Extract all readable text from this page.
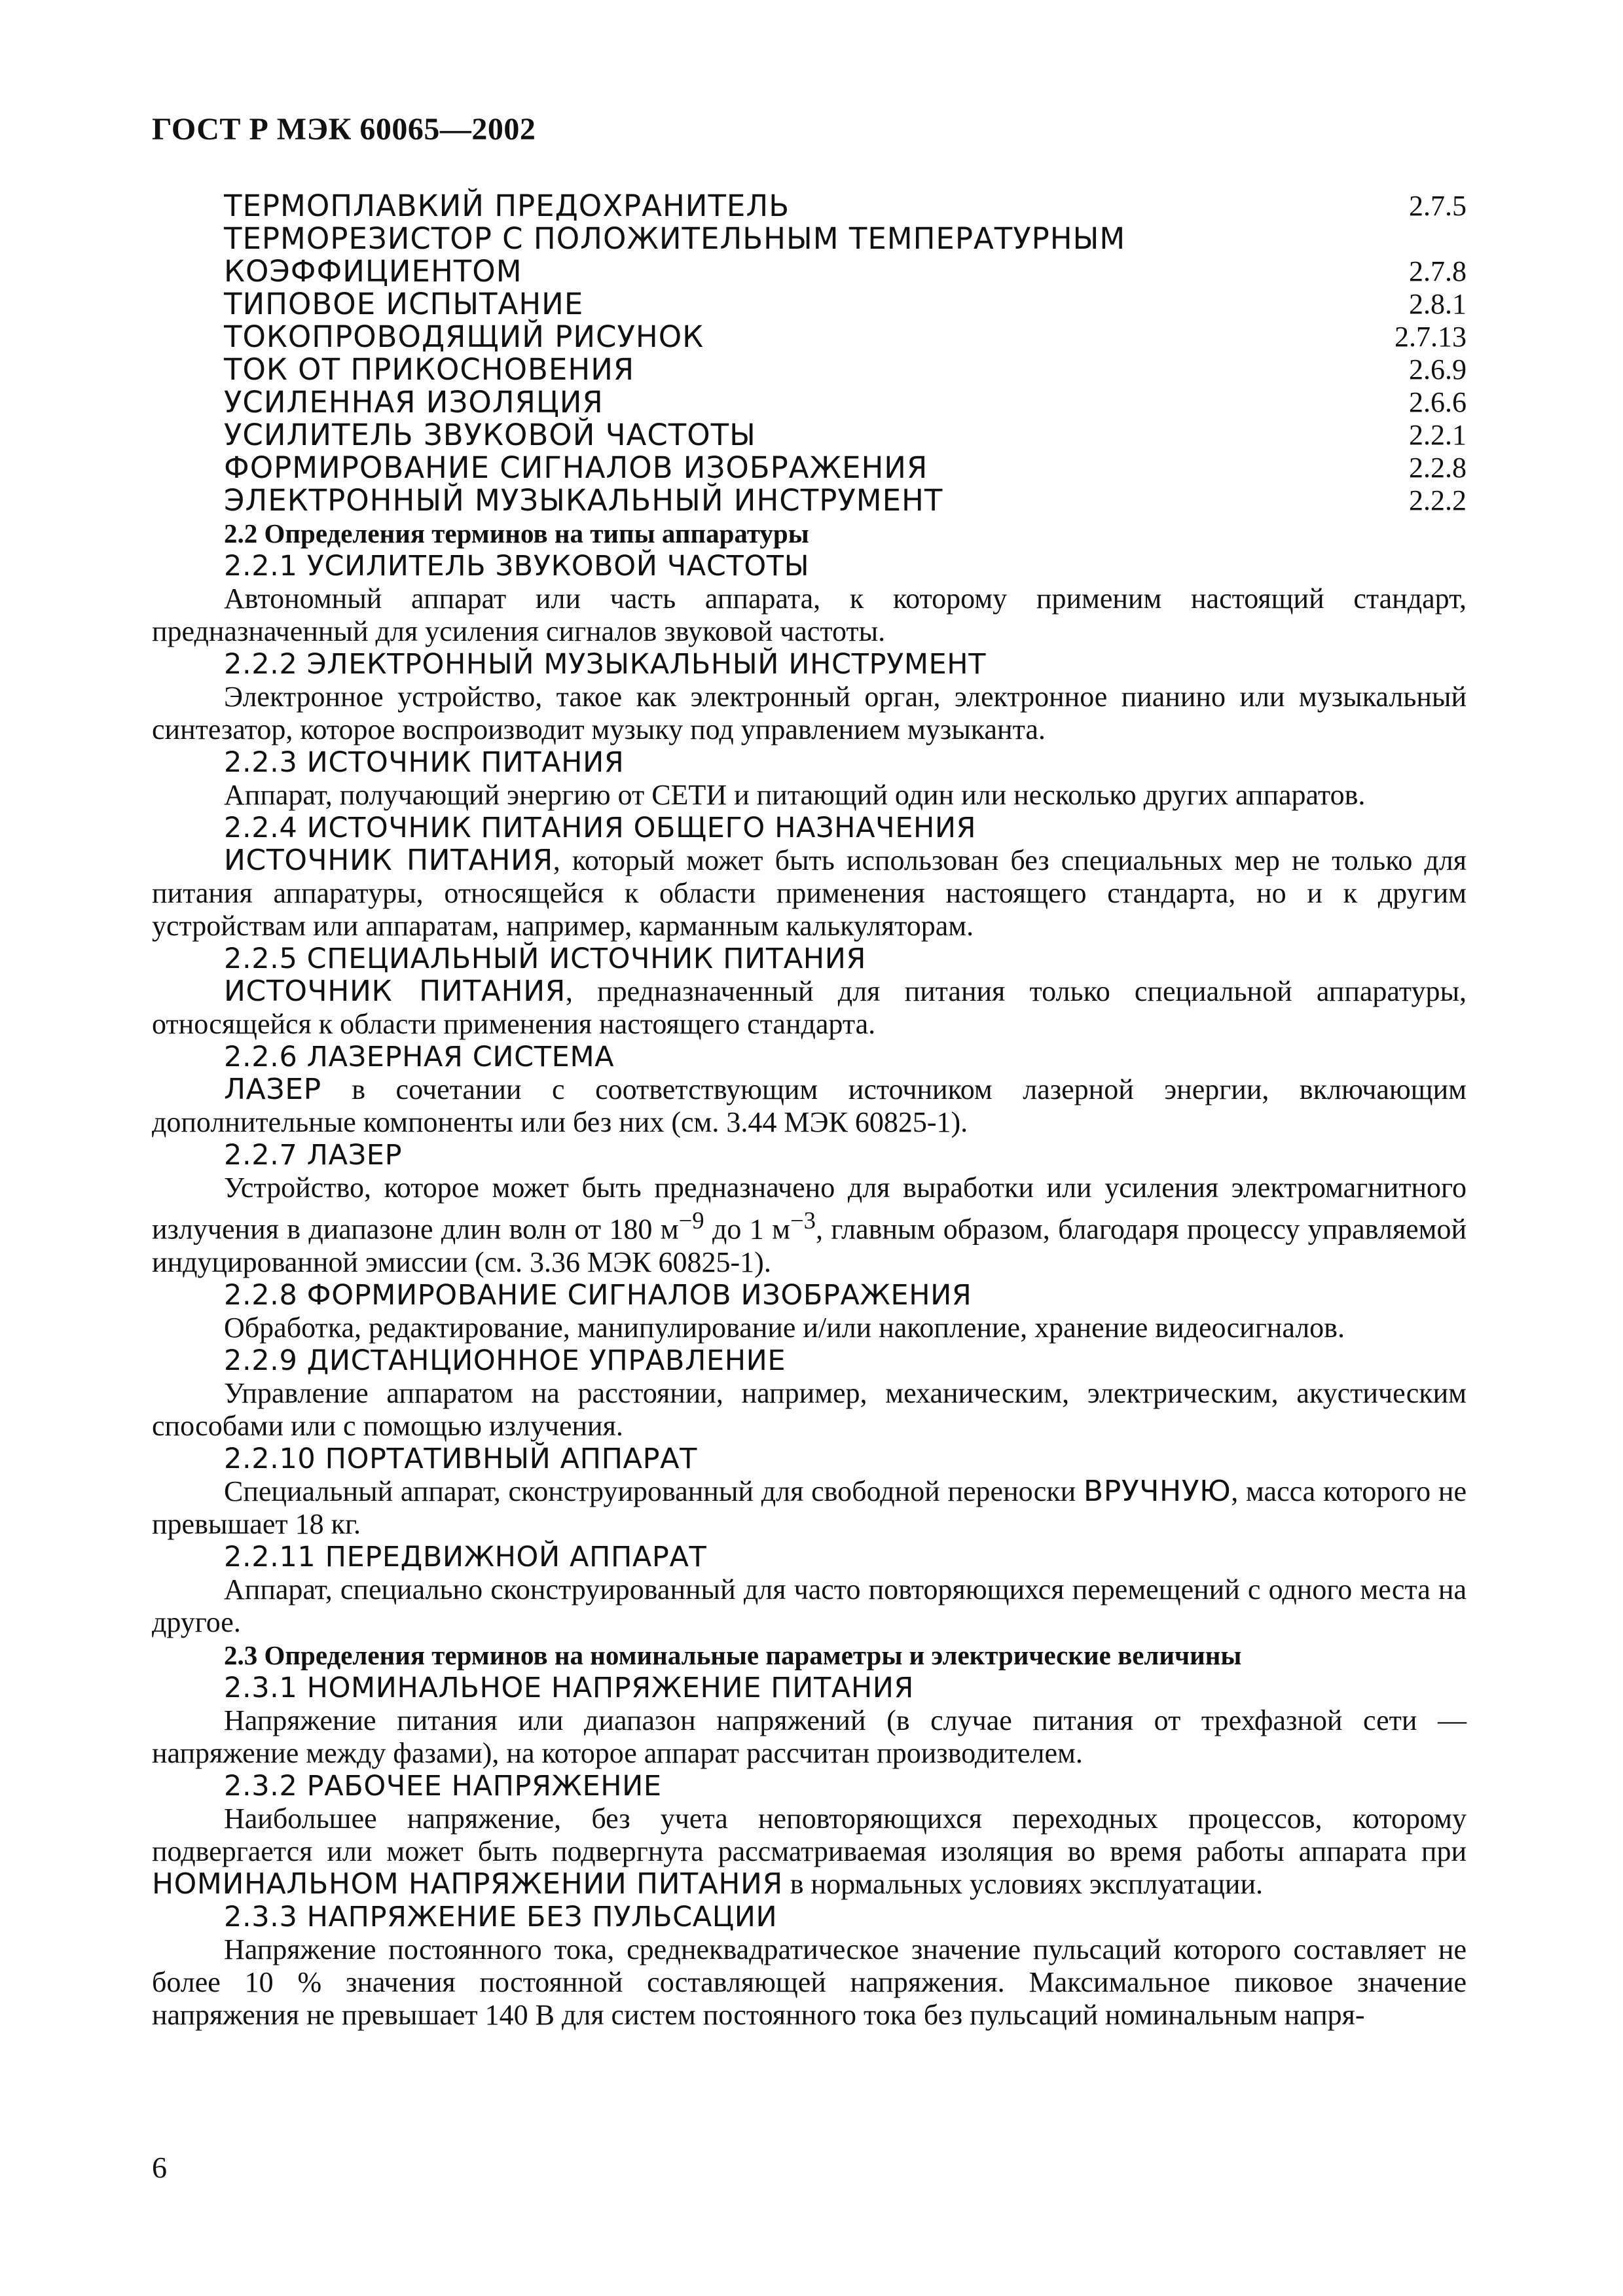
ГОСТ Р МЭК 60065—2002
ТЕРМОПЛАВКИЙ ПРЕДОХРАНИТЕЛЬ	2.7.5
ТЕРМОРЕЗИСТОР С ПОЛОЖИТЕЛЬНЫМ ТЕМПЕРАТУРНЫМ
КОЭФФИЦИЕНТОМ	2.7.8
ТИПОВОЕ ИСПЫТАНИЕ	2.8.1
ТОКОПРОВОДЯЩИЙ РИСУНОК	2.7.13
ТОК ОТ ПРИКОСНОВЕНИЯ	2.6.9
УСИЛЕННАЯ ИЗОЛЯЦИЯ	2.6.6
УСИЛИТЕЛЬ ЗВУКОВОЙ ЧАСТОТЫ	2.2.1
ФОРМИРОВАНИЕ СИГНАЛОВ ИЗОБРАЖЕНИЯ	2.2.8
ЭЛЕКТРОННЫЙ МУЗЫКАЛЬНЫЙ ИНСТРУМЕНТ	2.2.2
2.2 Определения терминов на типы аппаратуры
2.2.1 УСИЛИТЕЛЬ ЗВУКОВОЙ ЧАСТОТЫ
Автономный аппарат или часть аппарата, к которому применим настоящий стандарт, предназначенный для усиления сигналов звуковой частоты.
2.2.2 ЭЛЕКТРОННЫЙ МУЗЫКАЛЬНЫЙ ИНСТРУМЕНТ
Электронное устройство, такое как электронный орган, электронное пианино или музыкальный синтезатор, которое воспроизводит музыку под управлением музыканта.
2.2.3 ИСТОЧНИК ПИТАНИЯ
Аппарат, получающий энергию от СЕТИ и питающий один или несколько других аппаратов.
2.2.4 ИСТОЧНИК ПИТАНИЯ ОБЩЕГО НАЗНАЧЕНИЯ
ИСТОЧНИК ПИТАНИЯ, который может быть использован без специальных мер не только для питания аппаратуры, относящейся к области применения настоящего стандарта, но и к другим устройствам или аппаратам, например, карманным калькуляторам.
2.2.5 СПЕЦИАЛЬНЫЙ ИСТОЧНИК ПИТАНИЯ
ИСТОЧНИК ПИТАНИЯ, предназначенный для питания только специальной аппаратуры, относящейся к области применения настоящего стандарта.
2.2.6 ЛАЗЕРНАЯ СИСТЕМА
ЛАЗЕР в сочетании с соответствующим источником лазерной энергии, включающим дополнительные компоненты или без них (см. 3.44 МЭК 60825-1).
2.2.7 ЛАЗЕР
Устройство, которое может быть предназначено для выработки или усиления электромагнитного излучения в диапазоне длин волн от 180 $м^{-9}$ до 1 $м^{-3}$, главным образом, благодаря процессу управляемой индуцированной эмиссии (см. 3.36 МЭК 60825-1).
2.2.8 ФОРМИРОВАНИЕ СИГНАЛОВ ИЗОБРАЖЕНИЯ
Обработка, редактирование, манипулирование и/или накопление, хранение видеосигналов.
2.2.9 ДИСТАНЦИОННОЕ УПРАВЛЕНИЕ
Управление аппаратом на расстоянии, например, механическим, электрическим, акустическим способами или с помощью излучения.
2.2.10 ПОРТАТИВНЫЙ АППАРАТ
Специальный аппарат, сконструированный для свободной переноски ВРУЧНУЮ, масса которого не превышает 18 кг.
2.2.11 ПЕРЕДВИЖНОЙ АППАРАТ
Аппарат, специально сконструированный для часто повторяющихся перемещений с одного места на другое.
2.3 Определения терминов на номинальные параметры и электрические величины
2.3.1 НОМИНАЛЬНОЕ НАПРЯЖЕНИЕ ПИТАНИЯ
Напряжение питания или диапазон напряжений (в случае питания от трехфазной сети — напряжение между фазами), на которое аппарат рассчитан производителем.
2.3.2 РАБОЧЕЕ НАПРЯЖЕНИЕ
Наибольшее напряжение, без учета неповторяющихся переходных процессов, которому подвергается или может быть подвергнута рассматриваемая изоляция во время работы аппарата при НОМИНАЛЬНОМ НАПРЯЖЕНИИ ПИТАНИЯ в нормальных условиях эксплуатации.
2.3.3 НАПРЯЖЕНИЕ БЕЗ ПУЛЬСАЦИИ
Напряжение постоянного тока, среднеквадратическое значение пульсаций которого составляет не более 10 % значения постоянной составляющей напряжения. Максимальное пиковое значение напряжения не превышает 140 В для систем постоянного тока без пульсаций номинальным напря-
6
